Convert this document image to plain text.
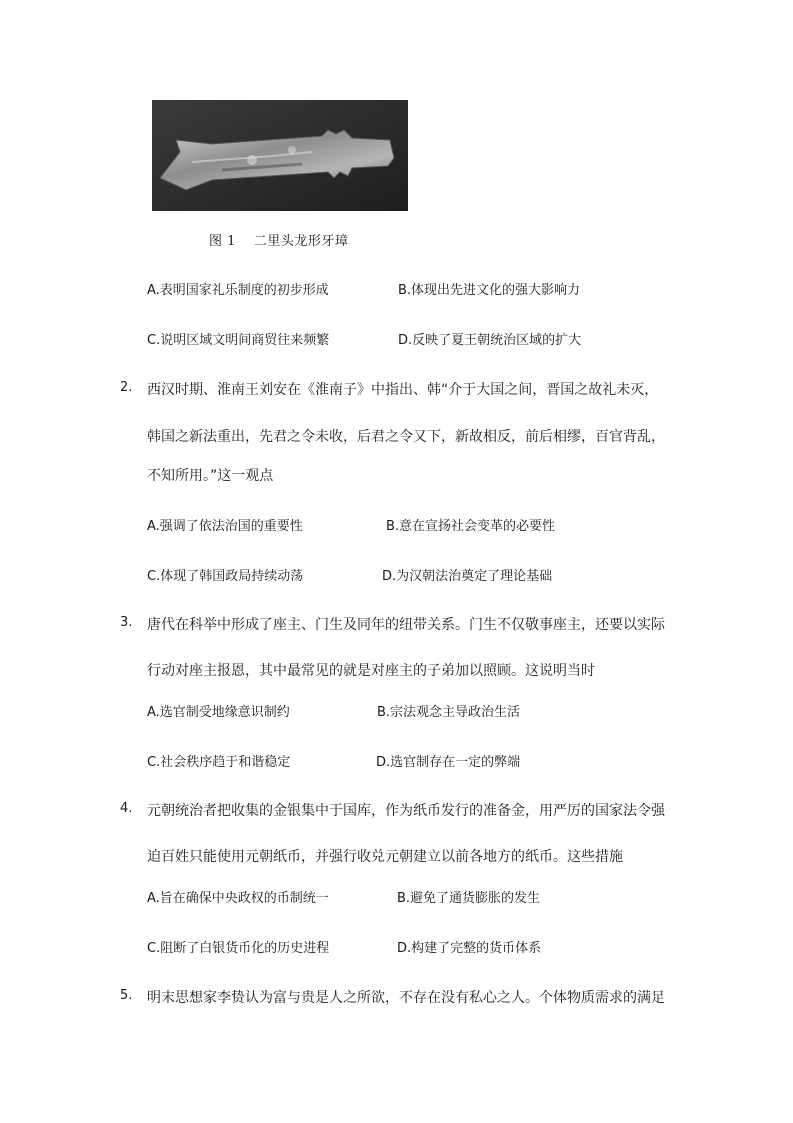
图 1 二里头龙形牙璋
A.表明国家礼乐制度的初步形成	B.体现出先进文化的强大影响力
C.说明区域文明间商贸往来频繁	D.反映了夏王朝统治区域的扩大
2. 西汉时期、淮南王刘安在《淮南子》中指出、韩“介于大国之间，晋国之故礼未灭，
韩国之新法重出，先君之令未收，后君之令又下，新故相反，前后相缪，百官背乱，
不知所用。”这一观点
A.强调了依法治国的重要性	B.意在宣扬社会变革的必要性
C.体现了韩国政局持续动荡	D.为汉朝法治奠定了理论基础
3. 唐代在科举中形成了座主、门生及同年的纽带关系。门生不仅敬事座主，还要以实际
行动对座主报恩，其中最常见的就是对座主的子弟加以照顾。这说明当时
A.选官制受地缘意识制约	B.宗法观念主导政治生活
C.社会秩序趋于和谐稳定	D.选官制存在一定的弊端
4. 元朝统治者把收集的金银集中于国库，作为纸币发行的准备金，用严厉的国家法令强
迫百姓只能使用元朝纸币，并强行收兑元朝建立以前各地方的纸币。这些措施
A.旨在确保中央政权的币制统一	B.避免了通货膨胀的发生
C.阻断了白银货币化的历史进程	D.构建了完整的货币体系
5. 明末思想家李贽认为富与贵是人之所欲，不存在没有私心之人。个体物质需求的满足
